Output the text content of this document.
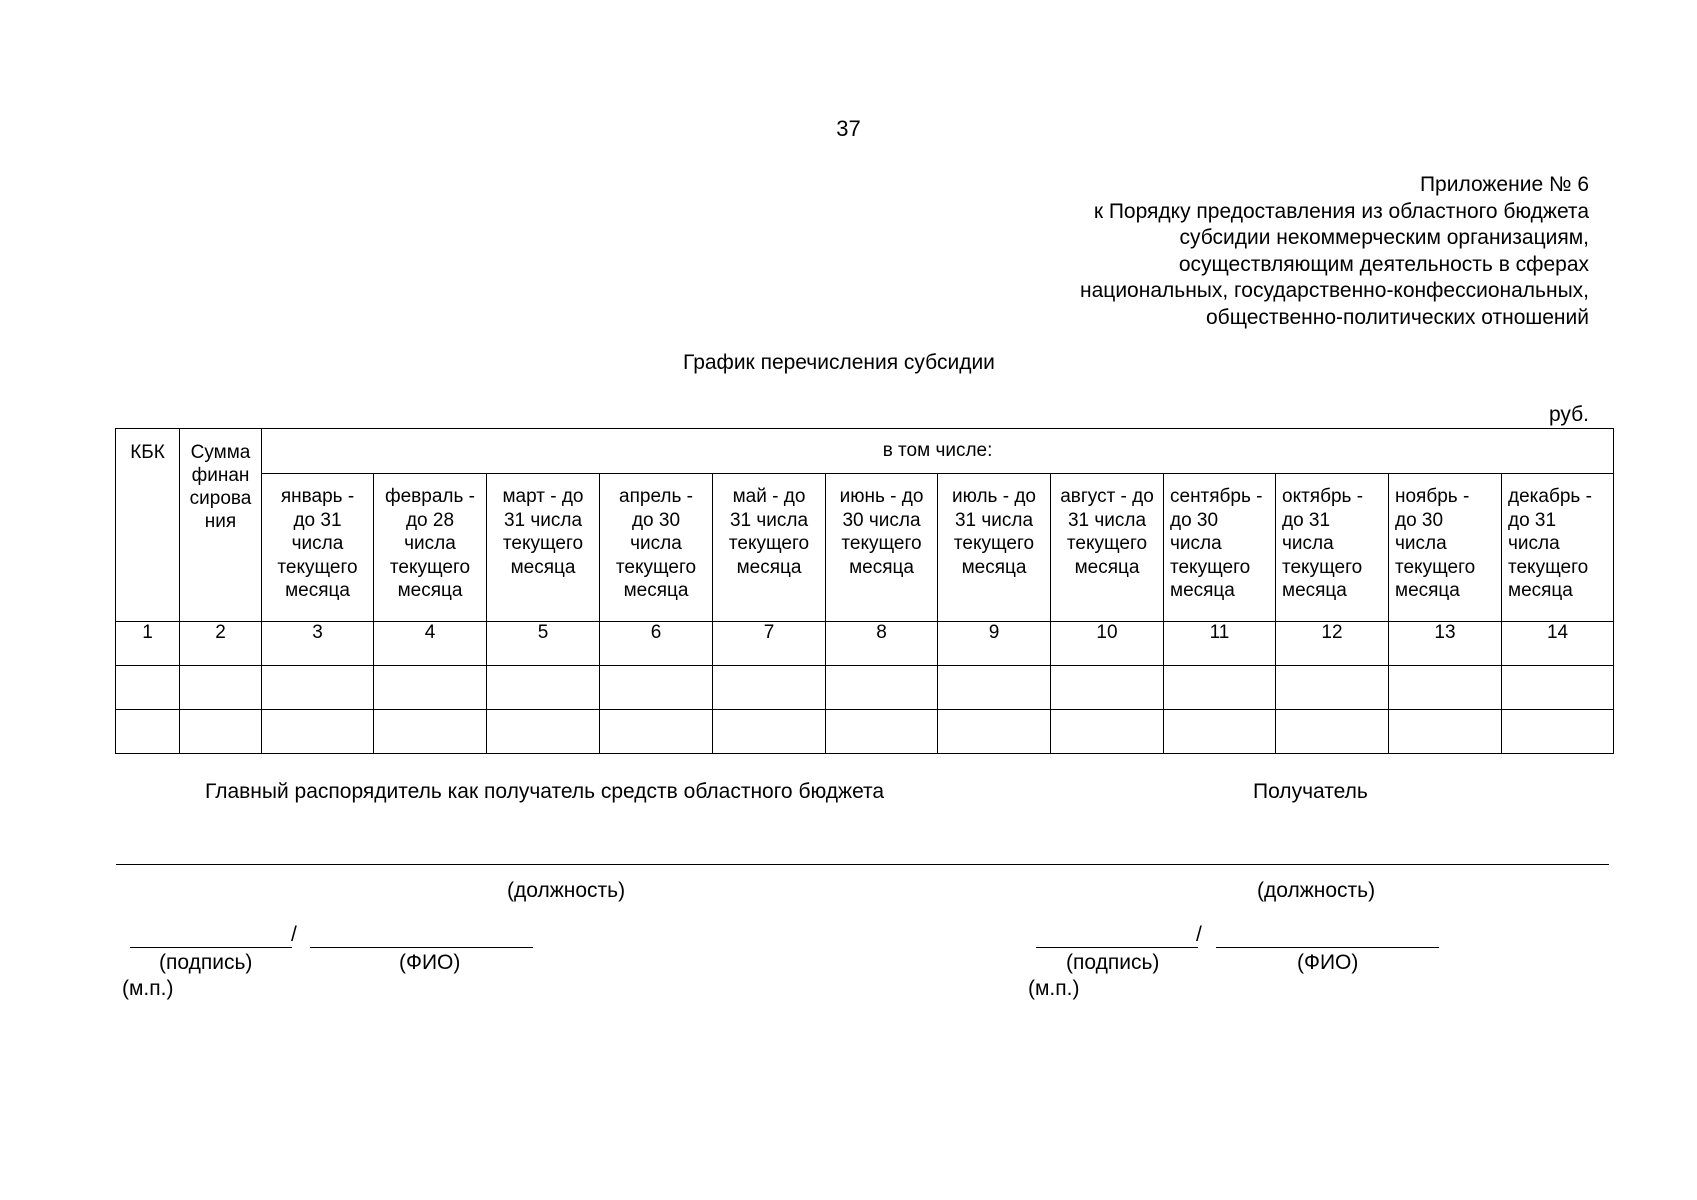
37
Приложение № 6
к Порядку предоставления из областного бюджета
субсидии некоммерческим организациям,
осуществляющим деятельность в сферах
национальных, государственно-конфессиональных,
общественно-политических отношений
График перечисления субсидии
руб.
КБК	Сумма
финан
сирова
ния	в том числе:											

		январь -
до 31
числа
текущего
месяца	февраль -
до 28
числа
текущего
месяца	март - до
31 числа
текущего
месяца	апрель -
до 30
числа
текущего
месяца	май - до
31 числа
текущего
месяца	июнь - до
30 числа
текущего
месяца	июль - до
31 числа
текущего
месяца	август - до
31 числа
текущего
месяца	сентябрь -
до 30
числа
текущего
месяца	октябрь -
до 31
числа
текущего
месяца	ноябрь -
до 30
числа
текущего
месяца	декабрь -
до 31
числа
текущего
месяца

1	2	3	4	5	6	7	8	9	10	11	12	13	14

Главный распорядитель как получатель средств областного бюджета	Получатель
(должность)	(должность)
/
(подпись)	(ФИО)
(м.п.)
/
(подпись)	(ФИО)
(м.п.)
